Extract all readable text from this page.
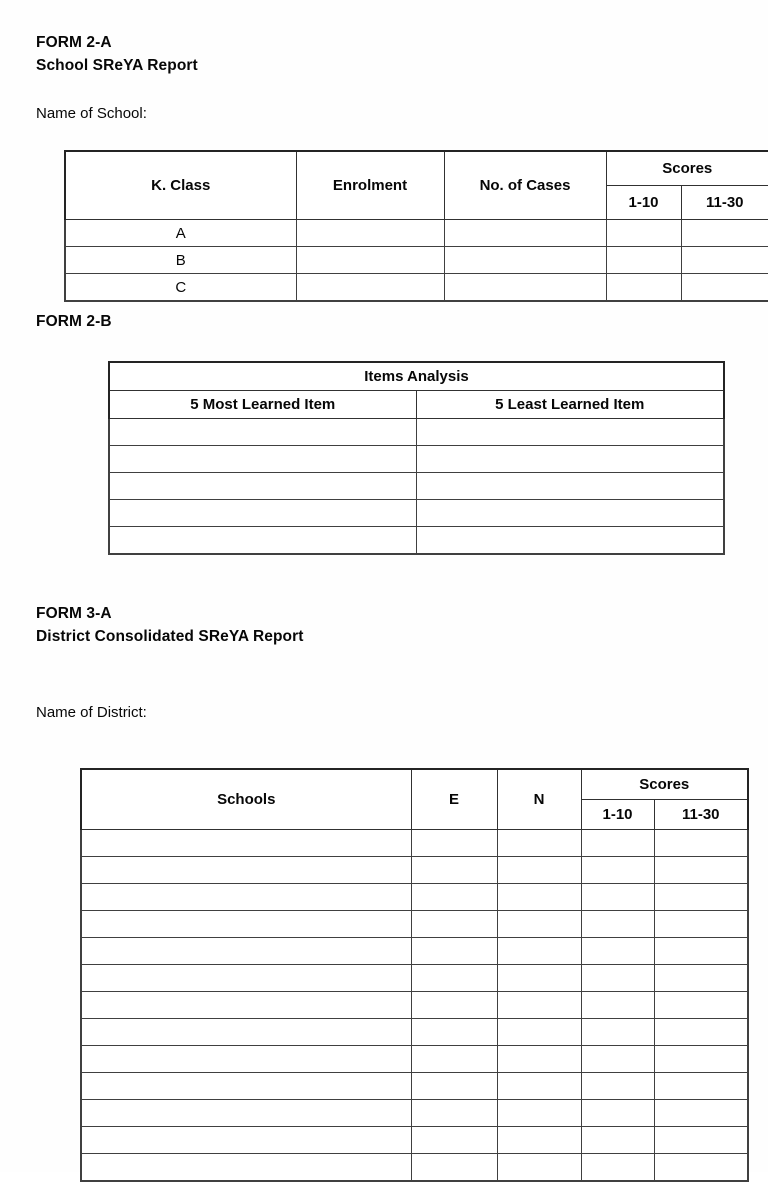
FORM 2-A
School SReYA Report
Name of School:
K. Class	Enrolment	No. of Cases	Scores	
			1-10	11-30
A				
B				
C				
FORM 2-B
Items Analysis	
5 Most Learned Item	5 Least Learned Item

FORM 3-A
District Consolidated SReYA Report
Name of District:
Schools	E	N	Scores	
			1-10	11-30
